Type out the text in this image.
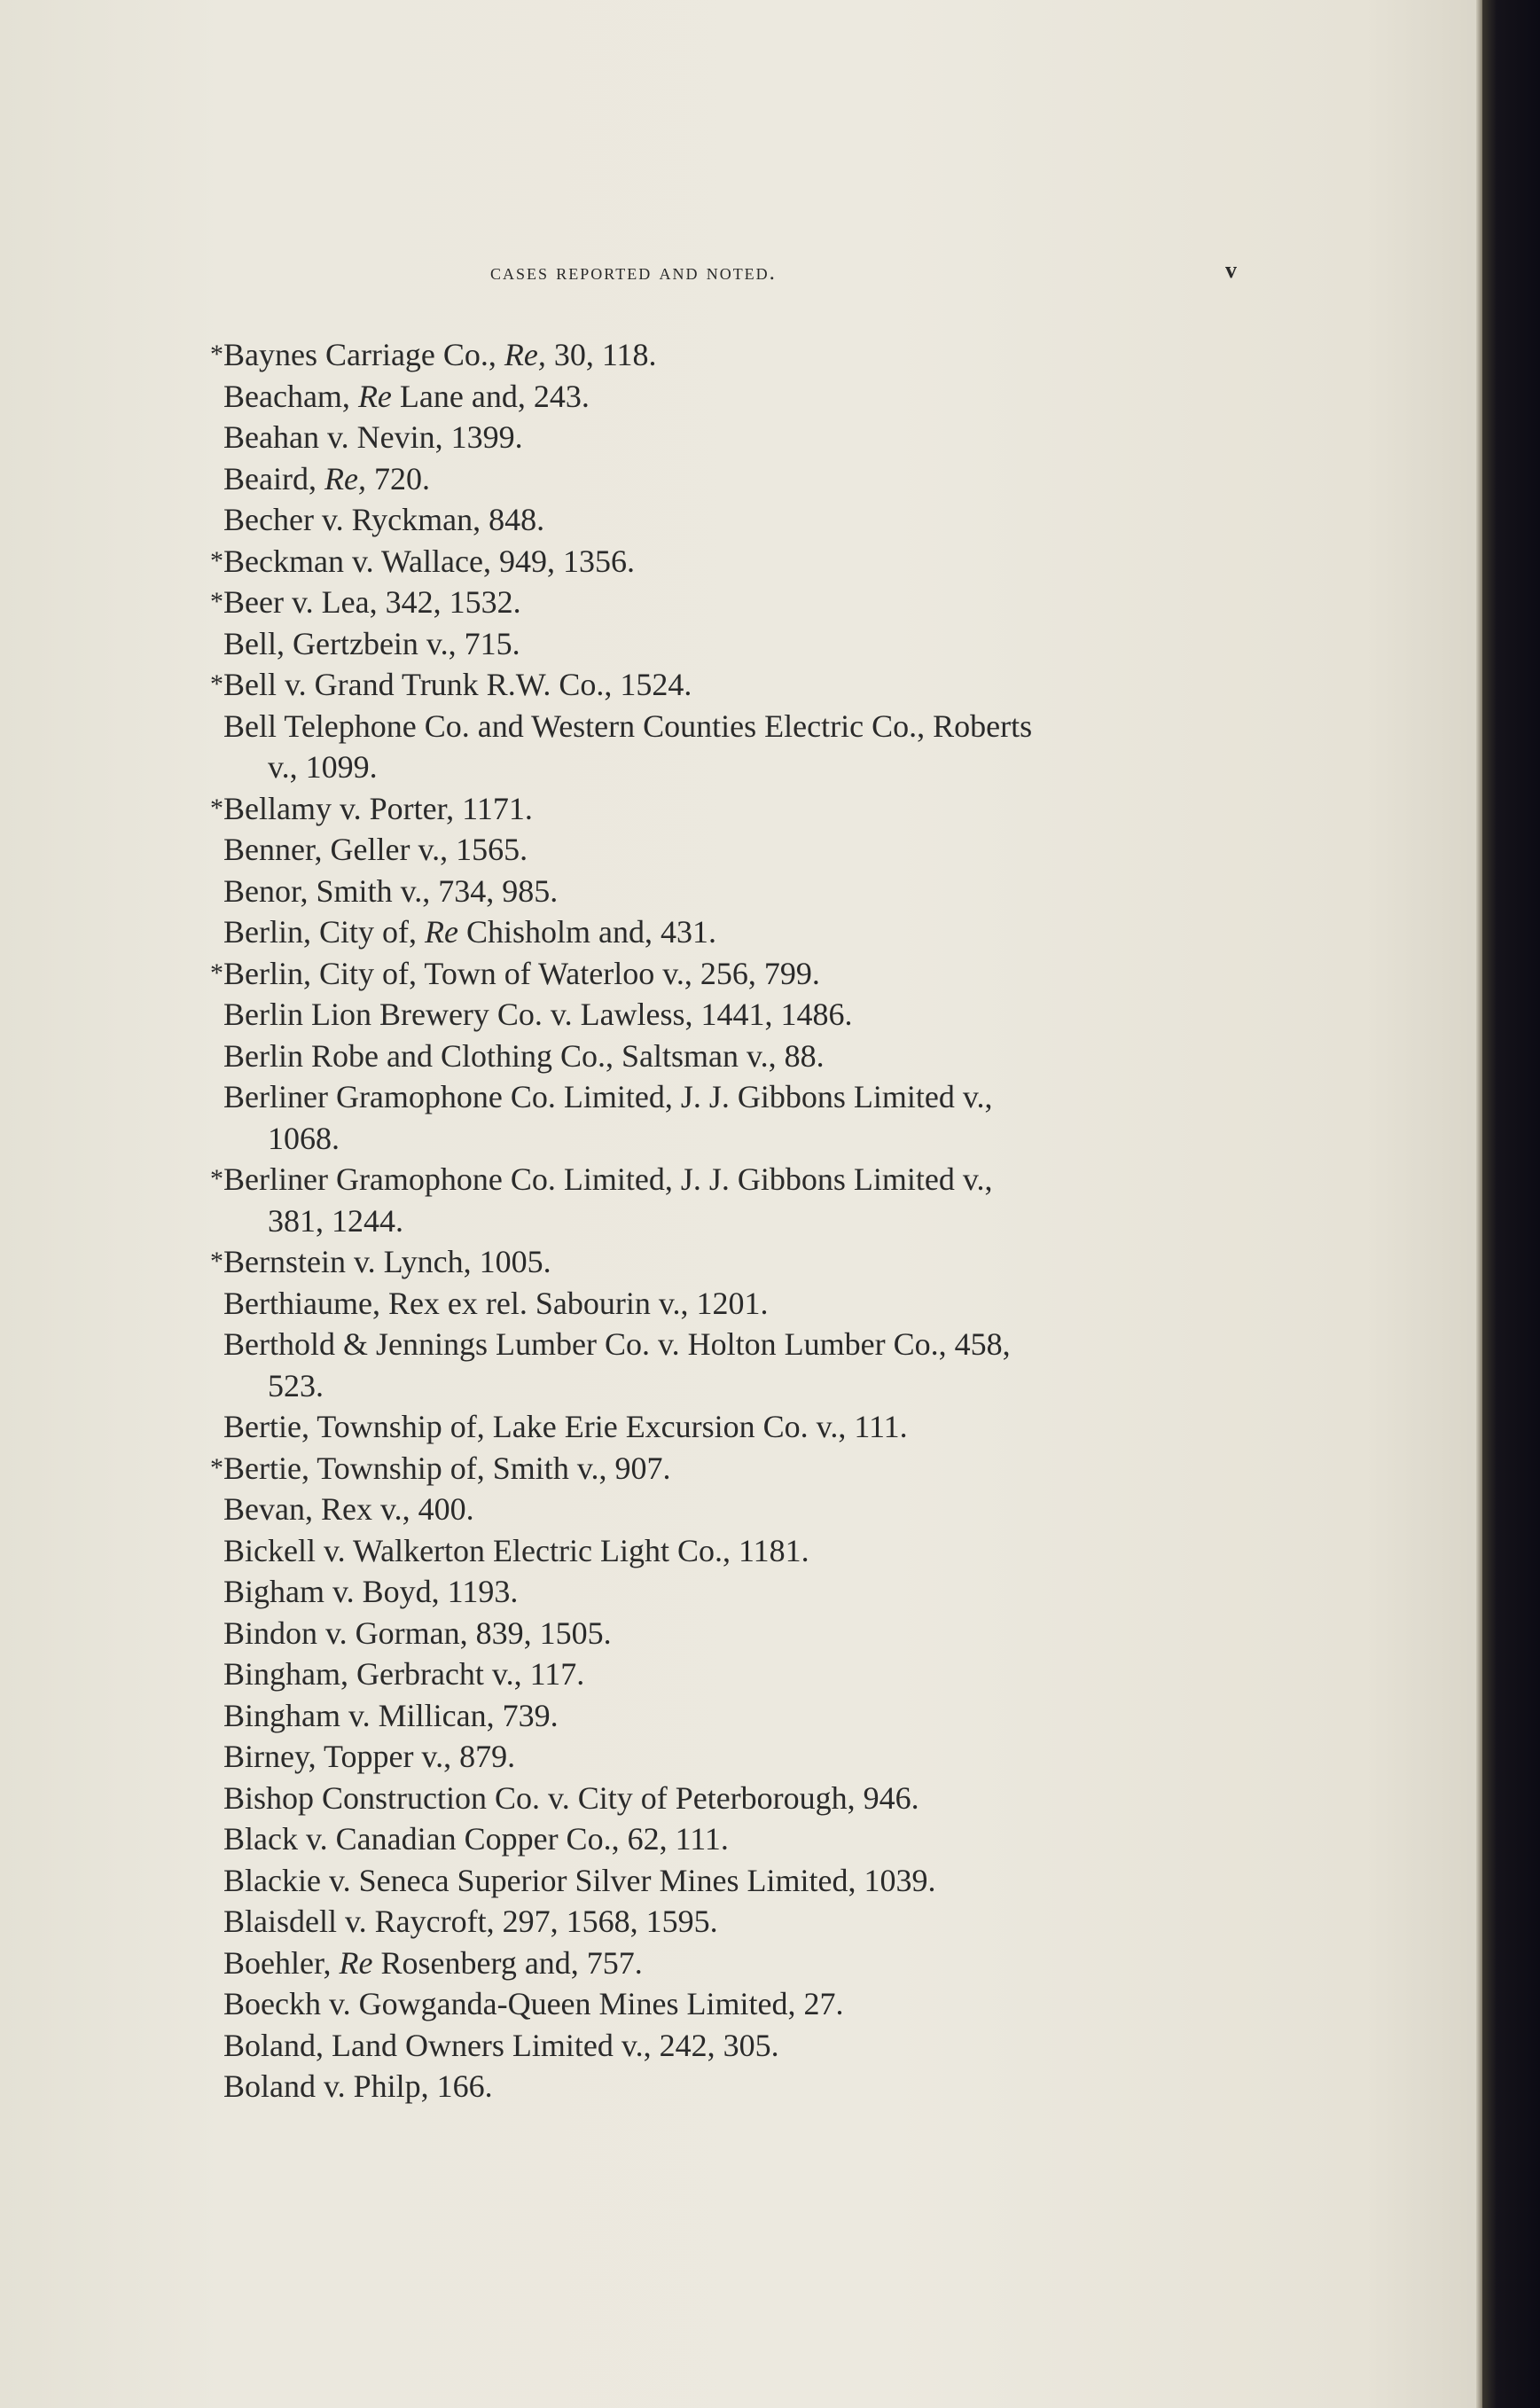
cases reported and noted.	v
* Baynes Carriage Co., Re, 30, 118.
Beacham, Re Lane and, 243.
Beahan v. Nevin, 1399.
Beaird, Re, 720.
Becher v. Ryckman, 848.
* Beckman v. Wallace, 949, 1356.
* Beer v. Lea, 342, 1532.
Bell, Gertzbein v., 715.
* Bell v. Grand Trunk R.W. Co., 1524.
Bell Telephone Co. and Western Counties Electric Co., Roberts
v., 1099.
* Bellamy v. Porter, 1171.
Benner, Geller v., 1565.
Benor, Smith v., 734, 985.
Berlin, City of, Re Chisholm and, 431.
* Berlin, City of, Town of Waterloo v., 256, 799.
Berlin Lion Brewery Co. v. Lawless, 1441, 1486.
Berlin Robe and Clothing Co., Saltsman v., 88.
Berliner Gramophone Co. Limited, J. J. Gibbons Limited v.,
1068.
* Berliner Gramophone Co. Limited, J. J. Gibbons Limited v.,
381, 1244.
* Bernstein v. Lynch, 1005.
Berthiaume, Rex ex rel. Sabourin v., 1201.
Berthold & Jennings Lumber Co. v. Holton Lumber Co., 458,
523.
Bertie, Township of, Lake Erie Excursion Co. v., 111.
* Bertie, Township of, Smith v., 907.
Bevan, Rex v., 400.
Bickell v. Walkerton Electric Light Co., 1181.
Bigham v. Boyd, 1193.
Bindon v. Gorman, 839, 1505.
Bingham, Gerbracht v., 117.
Bingham v. Millican, 739.
Birney, Topper v., 879.
Bishop Construction Co. v. City of Peterborough, 946.
Black v. Canadian Copper Co., 62, 111.
Blackie v. Seneca Superior Silver Mines Limited, 1039.
Blaisdell v. Raycroft, 297, 1568, 1595.
Boehler, Re Rosenberg and, 757.
Boeckh v. Gowganda-Queen Mines Limited, 27.
Boland, Land Owners Limited v., 242, 305.
Boland v. Philp, 166.
